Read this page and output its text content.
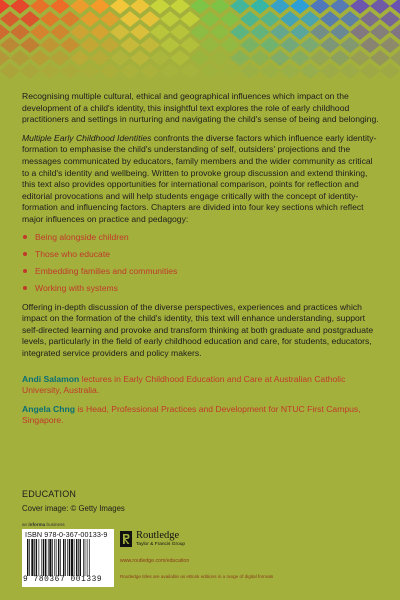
Recognising multiple cultural, ethical and geographical influences which impact on the development of a child's identity, this insightful text explores the role of early childhood practitioners and settings in nurturing and navigating the child's sense of being and belonging.

Multiple Early Childhood Identities confronts the diverse factors which influence early identity-formation to emphasise the child's understanding of self, outsiders' projections and the messages communicated by educators, family members and the wider community as critical to a child's identity and wellbeing. Written to provoke group discussion and extend thinking, this text also provides opportunities for international comparison, points for reflection and editorial provocations and will help students engage critically with the concept of identity-formation and influencing factors. Chapters are divided into four key sections which reflect major influences on practice and pedagogy:

Being alongside children
Those who educate
Embedding families and communities
Working with systems

Offering in-depth discussion of the diverse perspectives, experiences and practices which impact on the formation of the child's identity, this text will enhance understanding, support self-directed learning and provoke and transform thinking at both graduate and postgraduate levels, particularly in the field of early childhood education and care, for students, educators, integrated service providers and policy makers.

Andi Salamon lectures in Early Childhood Education and Care at Australian Catholic University, Australia.

Angela Chng is Head, Professional Practices and Development for NTUC First Campus, Singapore.

EDUCATION
Cover image: © Getty Images
an informa business
ISBN 978-0-367-00133-9
9 780367 001339
Routledge
Taylor & Francis Group
www.routledge.com/education
Routledge titles are available as eBook editions in a range of digital formats
